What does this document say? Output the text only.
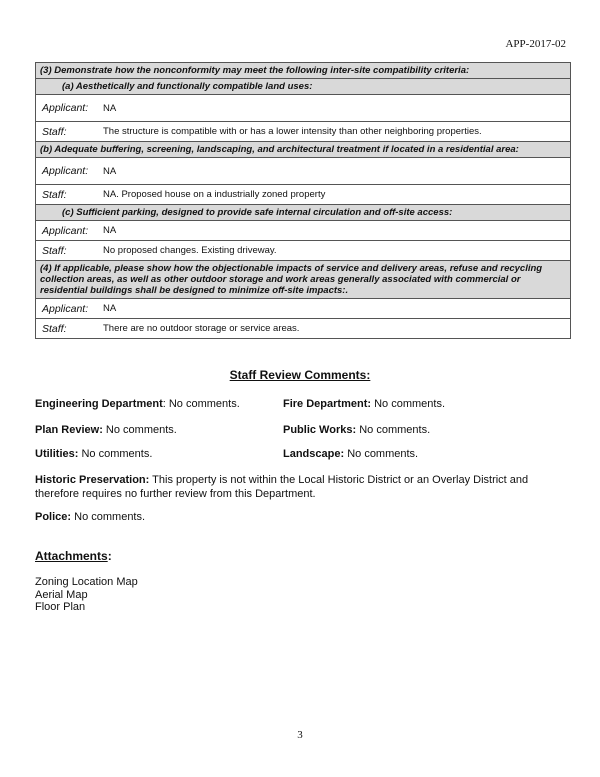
APP-2017-02
(3) Demonstrate how the nonconformity may meet the following inter-site compatibility criteria:
(a) Aesthetically and functionally compatible land uses:

Applicant:	NA

Staff:	The structure is compatible with or has a lower intensity than other neighboring properties.

(b) Adequate buffering, screening, landscaping, and architectural treatment if located in a residential area:

Applicant:	NA

Staff:	NA. Proposed house on a industrially zoned property

(c) Sufficient parking, designed to provide safe internal circulation and off-site access:

Applicant:	NA

Staff:	No proposed changes. Existing driveway.

(4) If applicable, please show how the objectionable impacts of service and delivery areas, refuse and recycling collection areas, as well as other outdoor storage and work areas generally associated with commercial or residential buildings shall be designed to minimize off-site impacts:.

Applicant:	NA

Staff:	There are no outdoor storage or service areas.
Staff Review Comments:
Engineering Department: No comments.	Fire Department: No comments.
Plan Review: No comments.	Public Works: No comments.
Utilities: No comments.	Landscape: No comments.
Historic Preservation: This property is not within the Local Historic District or an Overlay District and therefore requires no further review from this Department.
Police: No comments.
Attachments:
Zoning Location Map
Aerial Map
Floor Plan
3
